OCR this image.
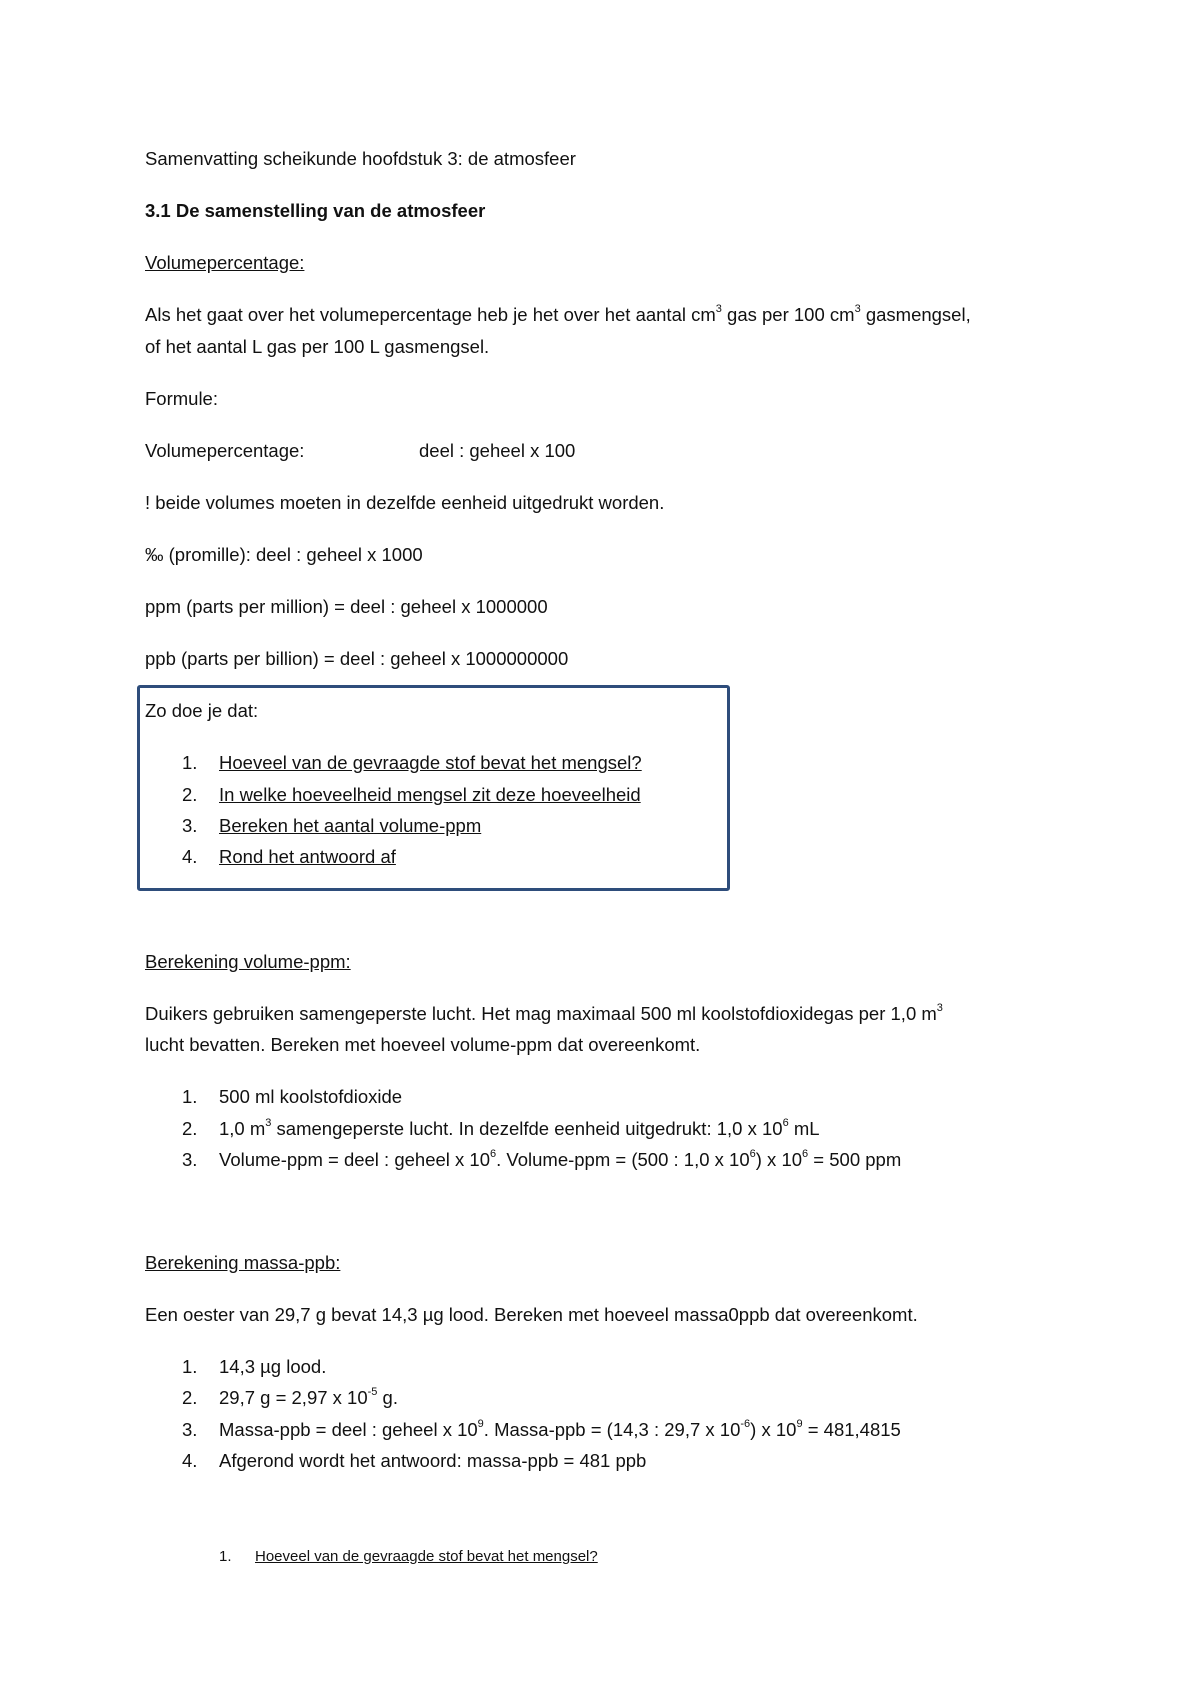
Samenvatting scheikunde hoofdstuk 3: de atmosfeer
3.1 De samenstelling van de atmosfeer
Volumepercentage:
Als het gaat over het volumepercentage heb je het over het aantal $cm^3$ gas per 100 $cm^3$ gasmengsel,
of het aantal L gas per 100 L gasmengsel.
Formule:
Volumepercentage:	deel : geheel x 100
! beide volumes moeten in dezelfde eenheid uitgedrukt worden.
‰ (promille): deel : geheel x 1000
ppm (parts per million) = deel : geheel x 1000000
ppb (parts per billion) = deel : geheel x 1000000000
Zo doe je dat:
1. Hoeveel van de gevraagde stof bevat het mengsel?
2. In welke hoeveelheid mengsel zit deze hoeveelheid
3. Bereken het aantal volume-ppm
4. Rond het antwoord af
Berekening volume-ppm:
Duikers gebruiken samengeperste lucht. Het mag maximaal 500 ml koolstofdioxidegas per 1,0 $m^3$
lucht bevatten. Bereken met hoeveel volume-ppm dat overeenkomt.
1. 500 ml koolstofdioxide
2. 1,0 $m^3$ samengeperste lucht. In dezelfde eenheid uitgedrukt: 1,0 x $10^6$ mL
3. Volume-ppm = deel : geheel x $10^6$. Volume-ppm = (500 : 1,0 x $10^6$) x $10^6 = 500$ ppm
Berekening massa-ppb:
Een oester van 29,7 g bevat 14,3 µg lood. Bereken met hoeveel massa0ppb dat overeenkomt.
1. 14,3 µg lood.
2. 29,7 g = 2,97 x $10^{-5}$ g.
3. Massa-ppb = deel : geheel x $10^9$. Massa-ppb = (14,3 : 29,7 x $10^{-6}$) x $10^9 = 481,4815$
4. Afgerond wordt het antwoord: massa-ppb = 481 ppb
1. Hoeveel van de gevraagde stof bevat het mengsel?
